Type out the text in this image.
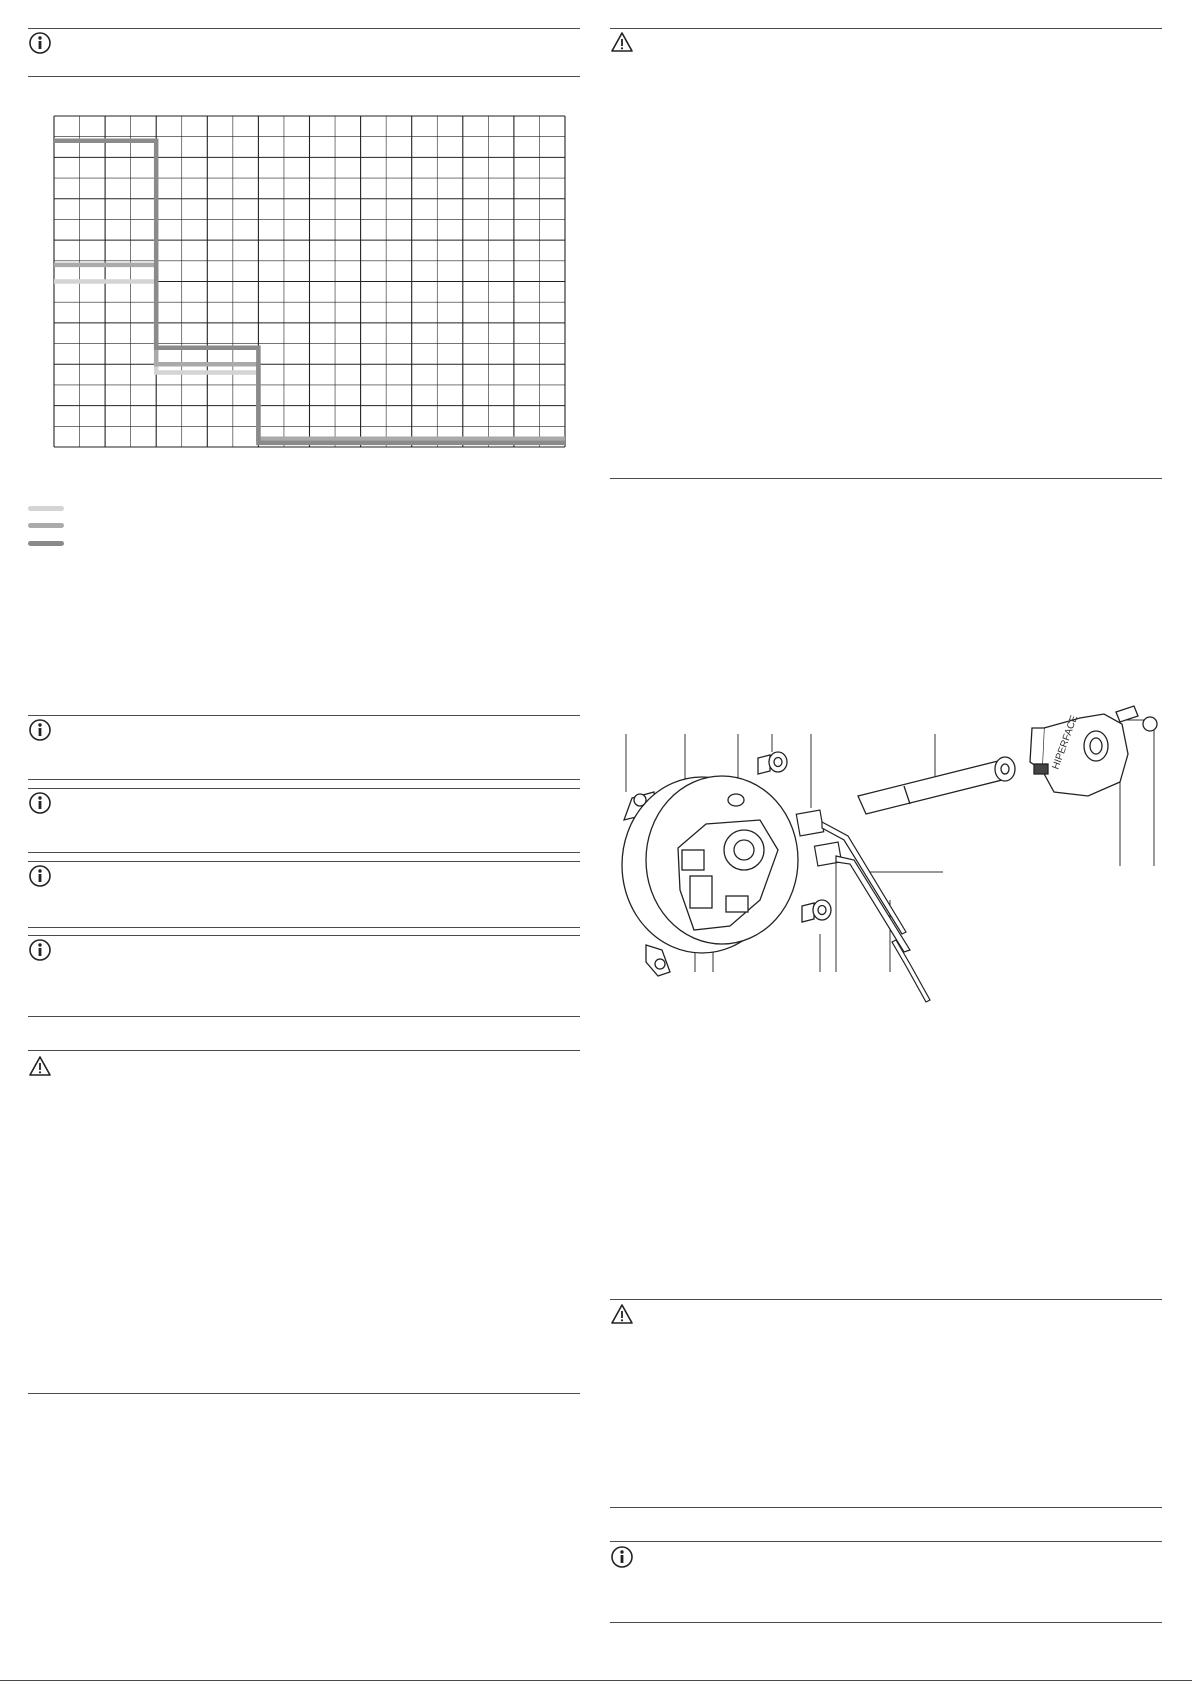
HIPERFACE
